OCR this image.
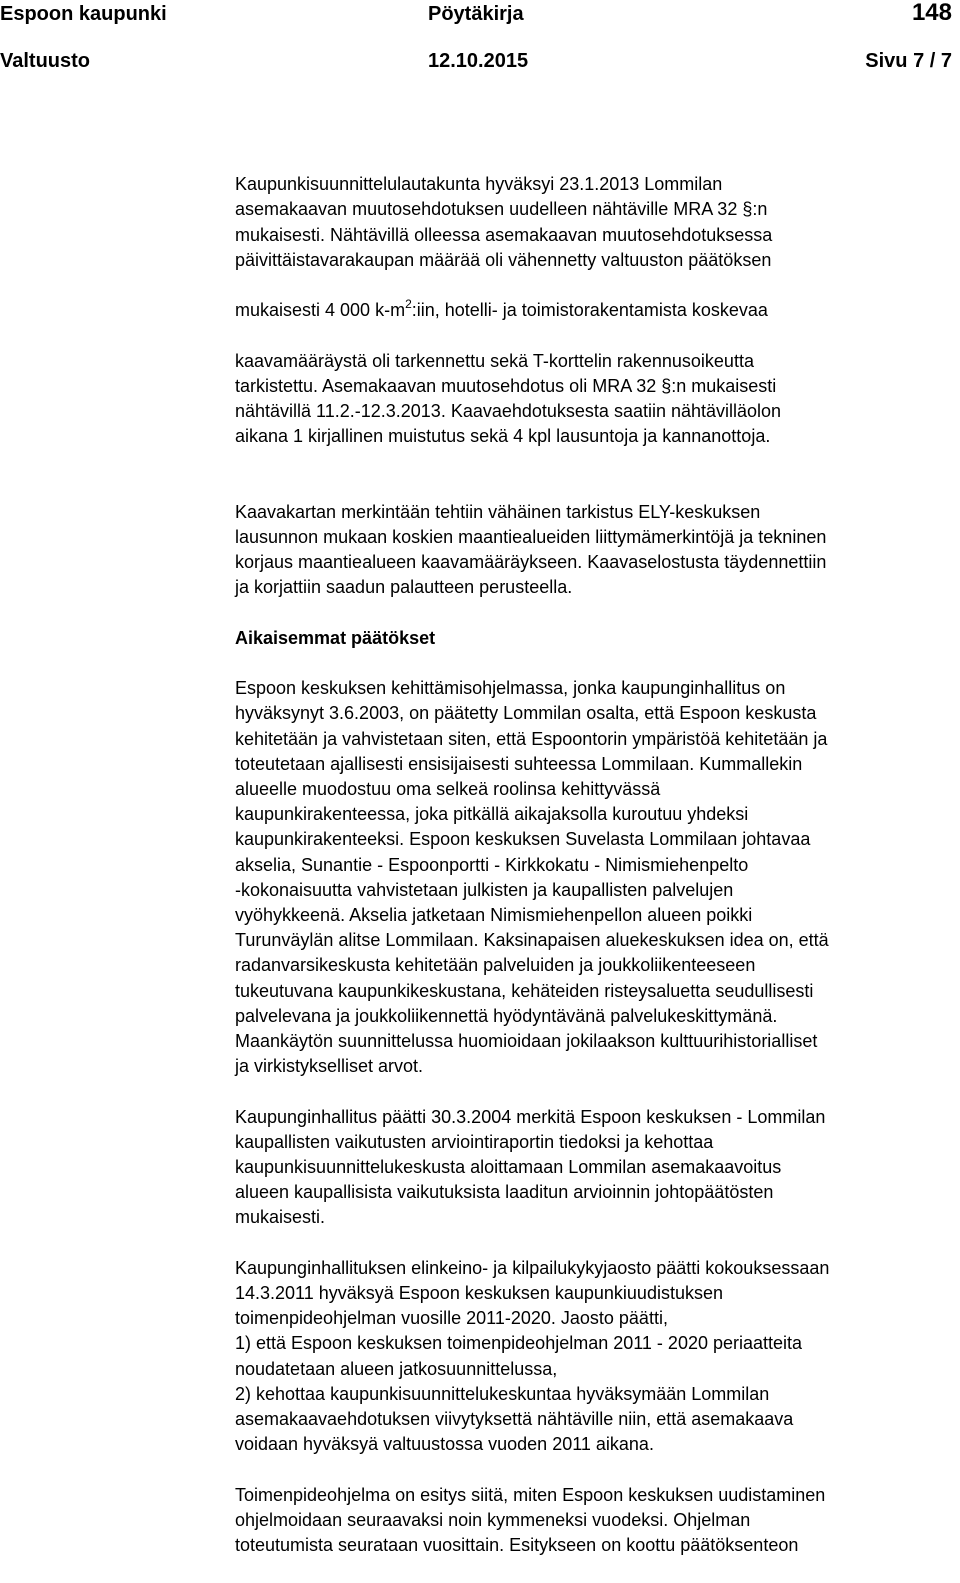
Espoon kaupunki	Pöytäkirja	148
Valtuusto	12.10.2015	Sivu 7 / 7

Kaupunkisuunnittelulautakunta hyväksyi 23.1.2013 Lommilan
asemakaavan muutosehdotuksen uudelleen nähtäville MRA 32 §:n
mukaisesti. Nähtävillä olleessa asemakaavan muutosehdotuksessa
päivittäistavarakaupan määrää oli vähennetty valtuuston päätöksen

mukaisesti 4 000 $k-m^2:iin$, hotelli- ja toimistorakentamista koskevaa

kaavamääräystä oli tarkennettu sekä T-korttelin rakennusoikeutta
tarkistettu. Asemakaavan muutosehdotus oli MRA 32 §:n mukaisesti
nähtävillä 11.2.-12.3.2013. Kaavaehdotuksesta saatiin nähtävilläolon
aikana 1 kirjallinen muistutus sekä 4 kpl lausuntoja ja kannanottoja.

Kaavakartan merkintään tehtiin vähäinen tarkistus ELY-keskuksen
lausunnon mukaan koskien maantiealueiden liittymämerkintöjä ja tekninen
korjaus maantiealueen kaavamääräykseen. Kaavaselostusta täydennettiin
ja korjattiin saadun palautteen perusteella.
Aikaisemmat päätökset
Espoon keskuksen kehittämisohjelmassa, jonka kaupunginhallitus on
hyväksynyt 3.6.2003, on päätetty Lommilan osalta, että Espoon keskusta
kehitetään ja vahvistetaan siten, että Espoontorin ympäristöä kehitetään ja
toteutetaan ajallisesti ensisijaisesti suhteessa Lommilaan. Kummallekin
alueelle muodostuu oma selkeä roolinsa kehittyvässä
kaupunkirakenteessa, joka pitkällä aikajaksolla kuroutuu yhdeksi
kaupunkirakenteeksi. Espoon keskuksen Suvelasta Lommilaan johtavaa
akselia, Sunantie - Espoonportti - Kirkkokatu - Nimismiehenpelto
-kokonaisuutta vahvistetaan julkisten ja kaupallisten palvelujen
vyöhykkeenä. Akselia jatketaan Nimismiehenpellon alueen poikki
Turunväylän alitse Lommilaan. Kaksinapaisen aluekeskuksen idea on, että
radanvarsikeskusta kehitetään palveluiden ja joukkoliikenteeseen
tukeutuvana kaupunkikeskustana, kehäteiden risteysaluetta seudullisesti
palvelevana ja joukkoliikennettä hyödyntävänä palvelukeskittymänä.
Maankäytön suunnittelussa huomioidaan jokilaakson kulttuurihistorialliset
ja virkistykselliset arvot.
Kaupunginhallitus päätti 30.3.2004 merkitä Espoon keskuksen - Lommilan
kaupallisten vaikutusten arviointiraportin tiedoksi ja kehottaa
kaupunkisuunnittelukeskusta aloittamaan Lommilan asemakaavoitus
alueen kaupallisista vaikutuksista laaditun arvioinnin johtopäätösten
mukaisesti.
Kaupunginhallituksen elinkeino- ja kilpailukykyjaosto päätti kokouksessaan
14.3.2011 hyväksyä Espoon keskuksen kaupunkiuudistuksen
toimenpideohjelman vuosille 2011-2020. Jaosto päätti,
1) että Espoon keskuksen toimenpideohjelman 2011 - 2020 periaatteita
noudatetaan alueen jatkosuunnittelussa,
2) kehottaa kaupunkisuunnittelukeskuntaa hyväksymään Lommilan
asemakaavaehdotuksen viivytyksettä nähtäville niin, että asemakaava
voidaan hyväksyä valtuustossa vuoden 2011 aikana.
Toimenpideohjelma on esitys siitä, miten Espoon keskuksen uudistaminen
ohjelmoidaan seuraavaksi noin kymmeneksi vuodeksi. Ohjelman
toteutumista seurataan vuosittain. Esitykseen on koottu päätöksenteon
